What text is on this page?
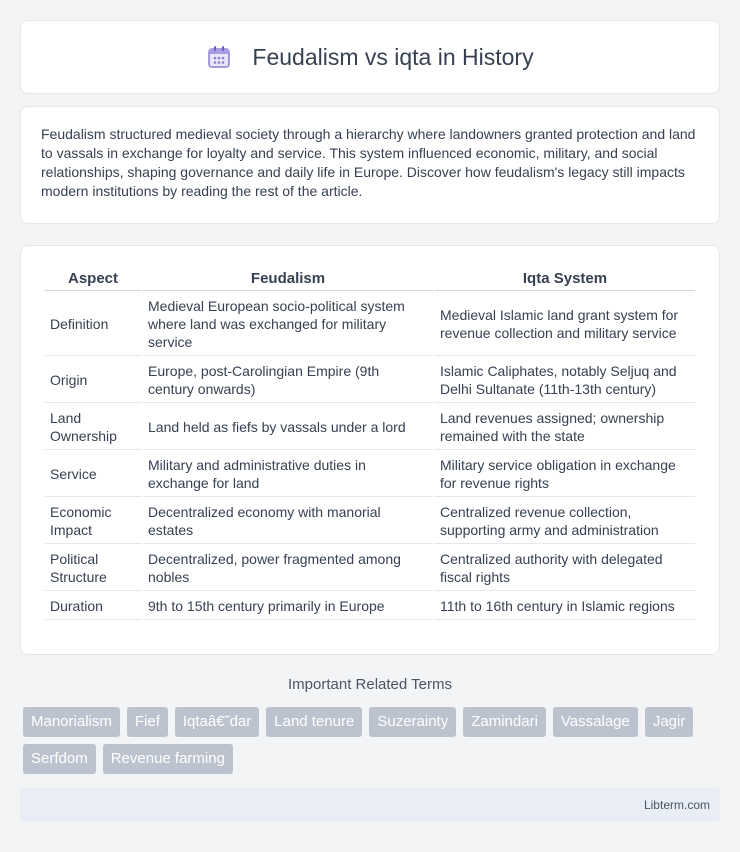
Feudalism vs iqta in History

Feudalism structured medieval society through a hierarchy where landowners granted protection and land to vassals in exchange for loyalty and service. This system influenced economic, military, and social relationships, shaping governance and daily life in Europe. Discover how feudalism's legacy still impacts modern institutions by reading the rest of the article.

Aspect	Feudalism	Iqta System
Definition	Medieval European socio-political system where land was exchanged for military service	Medieval Islamic land grant system for revenue collection and military service
Origin	Europe, post-Carolingian Empire (9th century onwards)	Islamic Caliphates, notably Seljuq and Delhi Sultanate (11th-13th century)
Land Ownership	Land held as fiefs by vassals under a lord	Land revenues assigned; ownership remained with the state
Service	Military and administrative duties in exchange for land	Military service obligation in exchange for revenue rights
Economic Impact	Decentralized economy with manorial estates	Centralized revenue collection, supporting army and administration
Political Structure	Decentralized, power fragmented among nobles	Centralized authority with delegated fiscal rights
Duration	9th to 15th century primarily in Europe	11th to 16th century in Islamic regions
Important Related Terms
Manorialism	Fief	Iqtaâ€˜dar	Land tenure	Suzerainty	Zamindari	Vassalage	Jagir
Serfdom	Revenue farming
Libterm.com
